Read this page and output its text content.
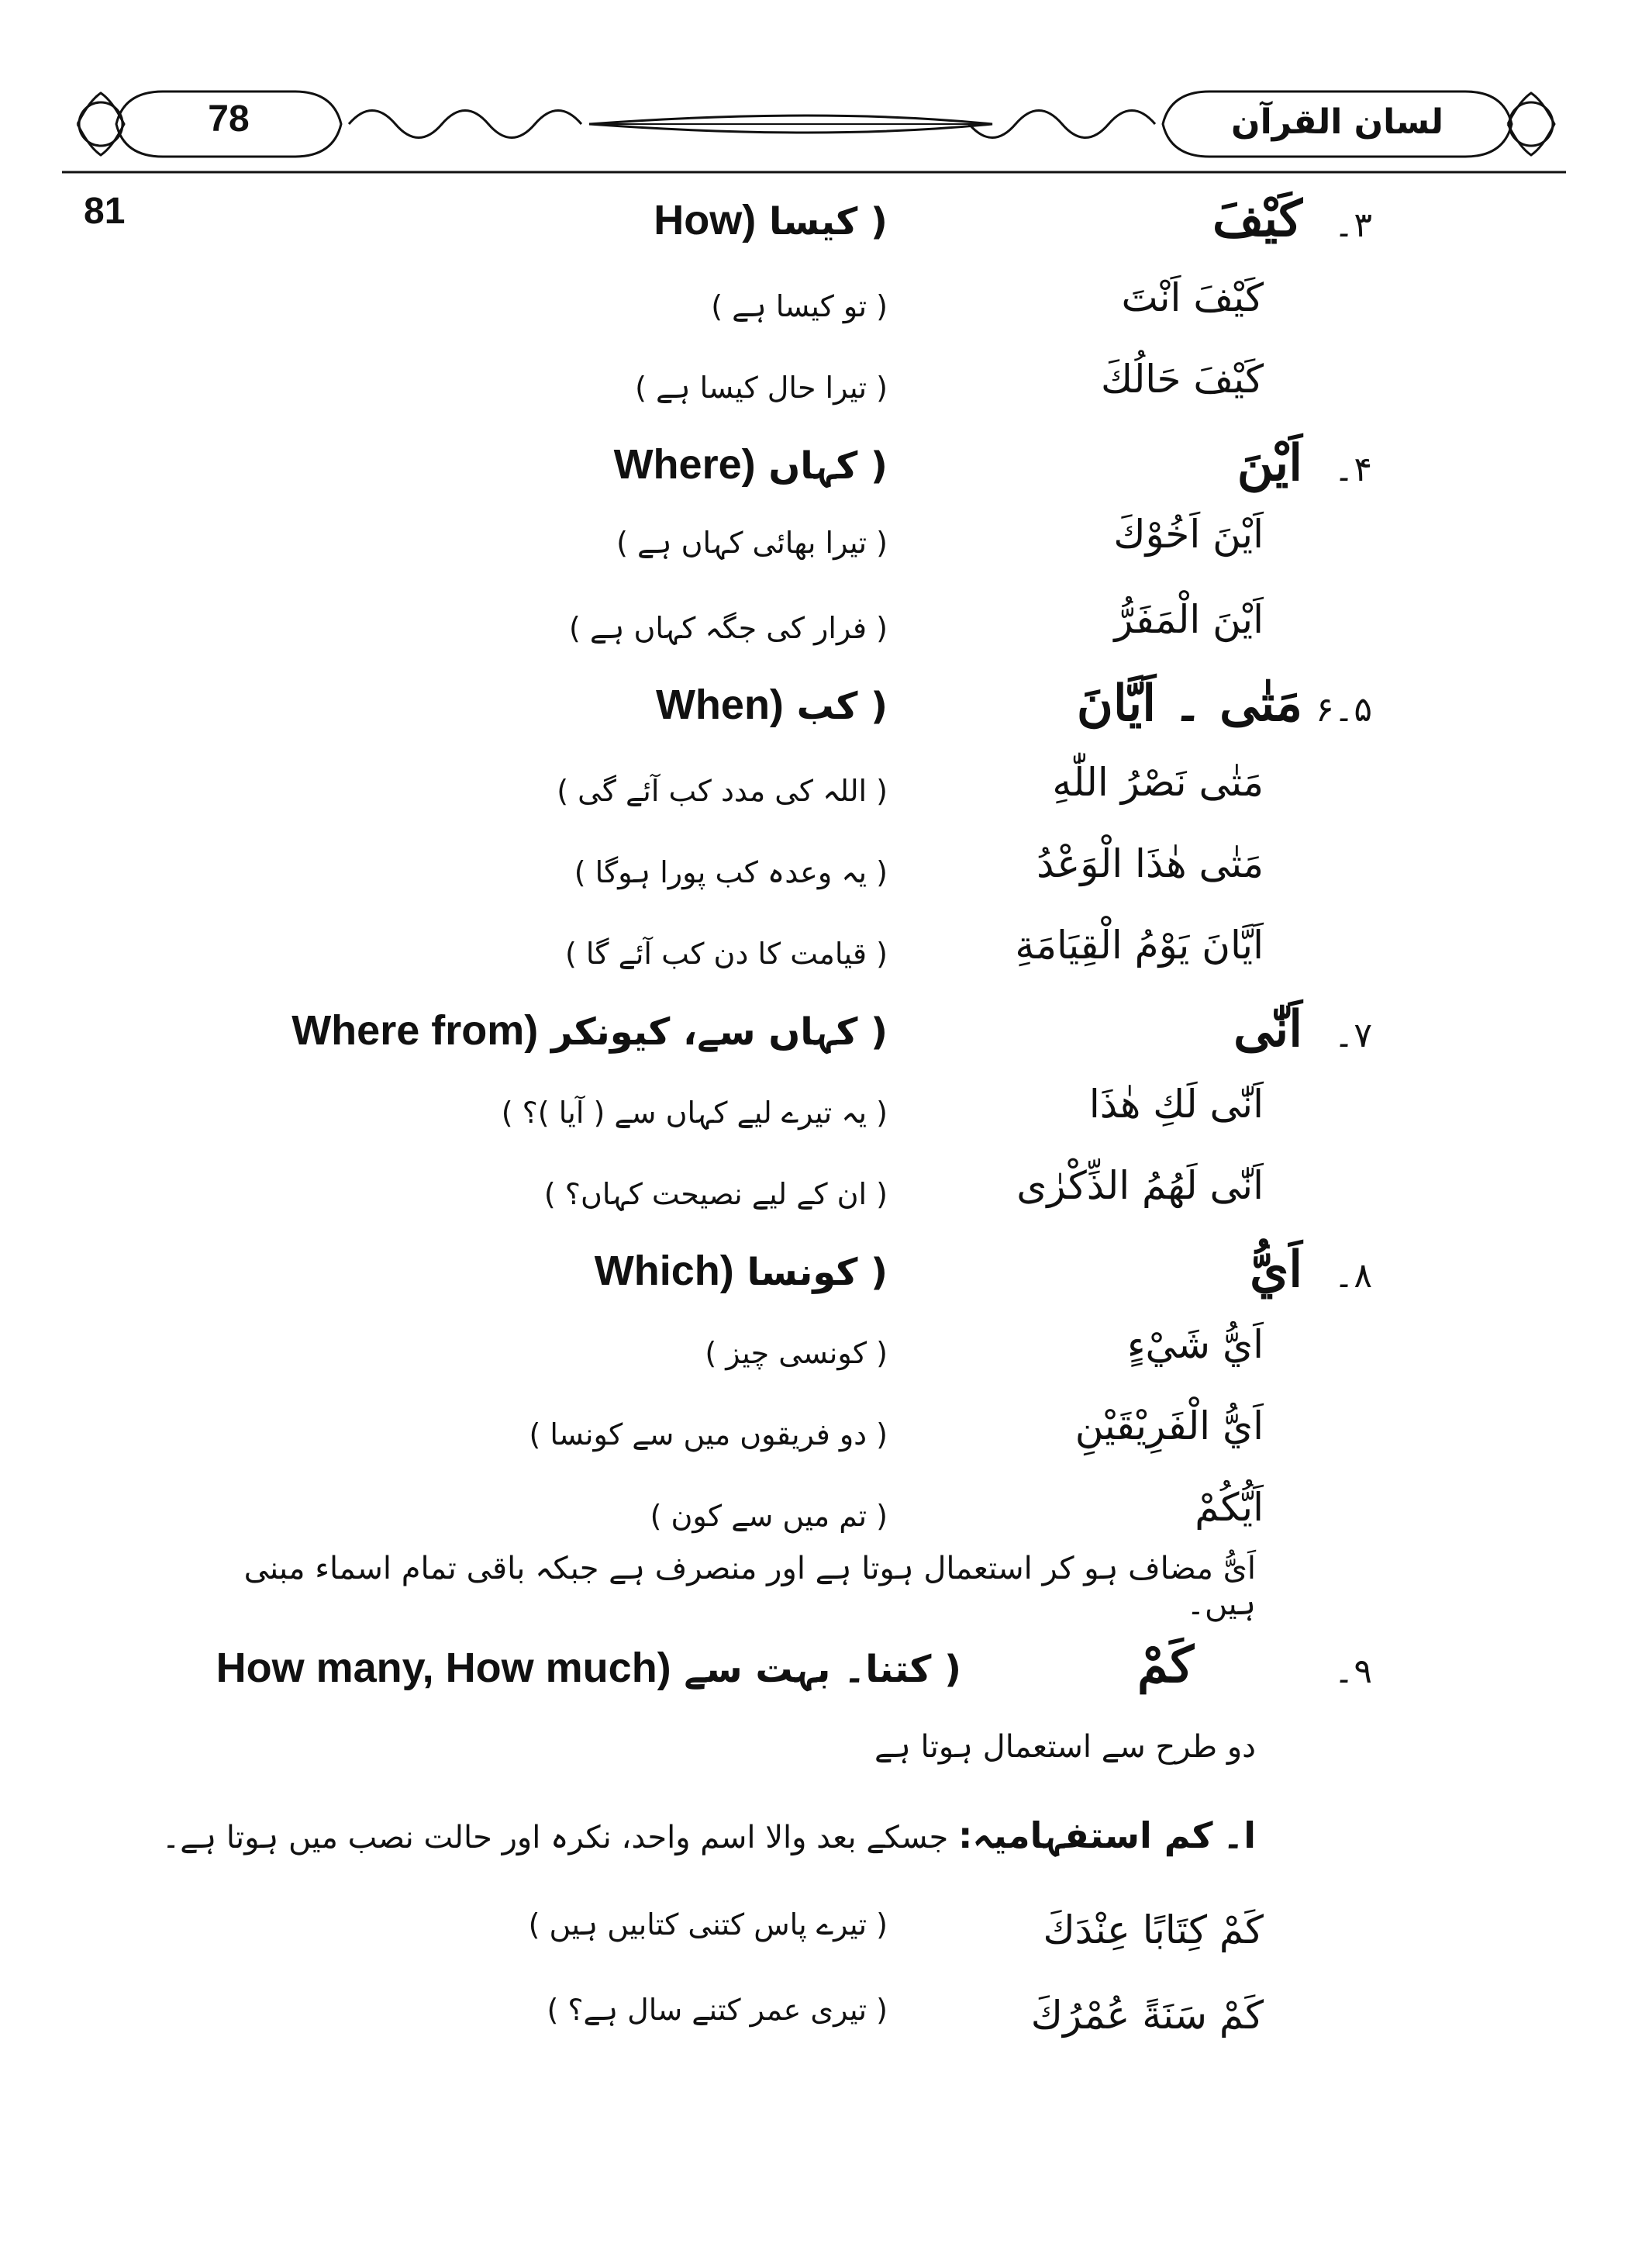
78	لسان القرآن
81	۳۔
كَيْفَ
( كيسا How)
كَيْفَ اَنْتَ
( تو كيسا ہے )
كَيْفَ حَالُكَ
( تيرا حال كيسا ہے )
۴۔
اَيْنَ
( کہاں Where)
اَيْنَ اَخُوْكَ
( تيرا بھائی کہاں ہے )
اَيْنَ الْمَفَرُّ
( فرار کی جگہ کہاں ہے )
۵۔۶
مَتٰى ۔ اَيَّانَ
( کب When)
مَتٰى نَصْرُ اللّٰهِ
( اللہ کی مدد کب آئے گی )
مَتٰى هٰذَا الْوَعْدُ
( یہ وعدہ کب پورا ہوگا )
اَيَّانَ يَوْمُ الْقِيَامَةِ
( قیامت کا دن کب آئے گا )
۷۔
اَنّٰى
( کہاں سے، کیونکر Where from)
اَنّٰى لَكِ هٰذَا
( یہ تیرے لیے کہاں سے ( آیا )؟ )
اَنّٰى لَهُمُ الذِّكْرٰى
( ان کے لیے نصیحت کہاں؟ )
۸۔
اَيُّ
( کونسا Which)
اَيُّ شَيْءٍ
( کونسی چیز )
اَيُّ الْفَرِيْقَيْنِ
( دو فریقوں میں سے کونسا )
اَيُّكُمْ
( تم میں سے کون )
اَیُّ مضاف ہو کر استعمال ہوتا ہے اور منصرف ہے جبکہ باقی تمام اسماء مبنی ہیں۔
۹۔
كَمْ
( کتنا۔ بہت سے How many, How much)
دو طرح سے استعمال ہوتا ہے
ا۔ کم استفہامیہ: جسکے بعد والا اسم واحد، نکرہ اور حالت نصب میں ہوتا ہے۔
كَمْ كِتَابًا عِنْدَكَ
( تیرے پاس کتنی کتابیں ہیں )
كَمْ سَنَةً عُمْرُكَ
( تیری عمر کتنے سال ہے؟ )
